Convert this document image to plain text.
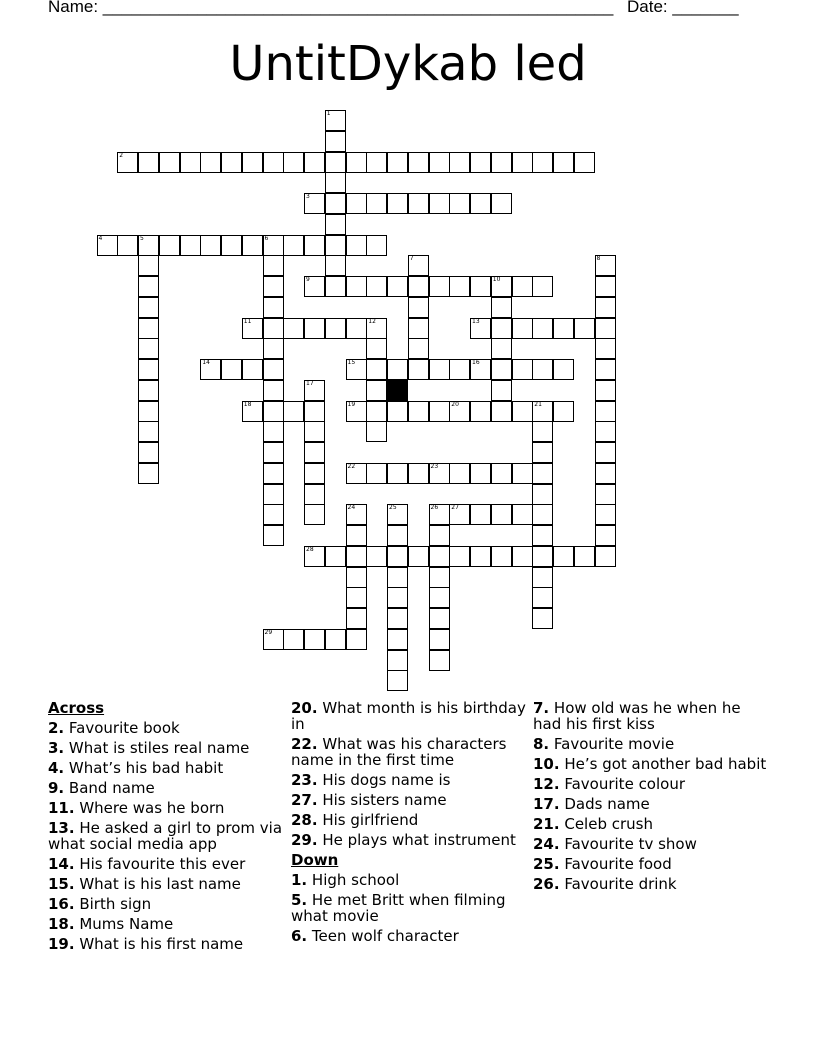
Name: ______________________________________________________ Date: _______
UntitDykab led
1
2
3
4	5	6
7	8
9	10
11	12	13
14	15	16
17
18	19	20	21
22	23
24	25	26 27
28
29
Across
2. Favourite book
3. What is stiles real name
4. What’s his bad habit
9. Band name
11. Where was he born
13. He asked a girl to prom via what social media app
14. His favourite this ever
15. What is his last name
16. Birth sign
18. Mums Name
19. What is his first name
20. What month is his birthday in
22. What was his characters name in the first time
23. His dogs name is
27. His sisters name
28. His girlfriend
29. He plays what instrument
Down
1. High school
5. He met Britt when filming what movie
6. Teen wolf character
7. How old was he when he had his first kiss
8. Favourite movie
10. He’s got another bad habit
12. Favourite colour
17. Dads name
21. Celeb crush
24. Favourite tv show
25. Favourite food
26. Favourite drink
